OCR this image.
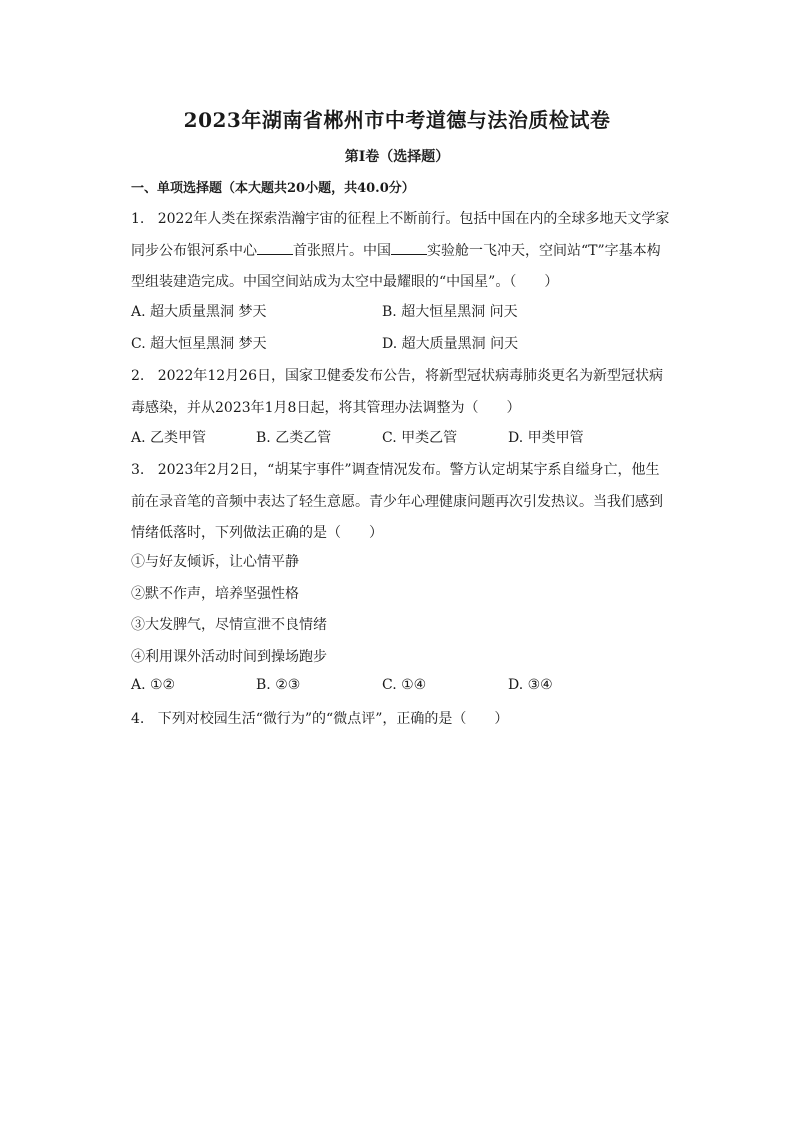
2023年湖南省郴州市中考道德与法治质检试卷
第I卷（选择题）
一、单项选择题（本大题共20小题，共40.0分）
1. 2022年人类在探索浩瀚宇宙的征程上不断前行。包括中国在内的全球多地天文学家同步公布银河系中心	首张照片。中国	实验舱一飞冲天，空间站“T”字基本构型组装建造完成。中国空间站成为太空中最耀眼的“中国星”。（　　）
A. 超大质量黑洞 梦天	B. 超大恒星黑洞 问天
C. 超大恒星黑洞 梦天	D. 超大质量黑洞 问天
2. 2022年12月26日，国家卫健委发布公告，将新型冠状病毒肺炎更名为新型冠状病毒感染，并从2023年1月8日起，将其管理办法调整为（　　）
A. 乙类甲管	B. 乙类乙管	C. 甲类乙管	D. 甲类甲管
3. 2023年2月2日，“胡某宇事件”调查情况发布。警方认定胡某宇系自缢身亡，他生前在录音笔的音频中表达了轻生意愿。青少年心理健康问题再次引发热议。当我们感到情绪低落时，下列做法正确的是（　　）
①与好友倾诉，让心情平静
②默不作声，培养坚强性格
③大发脾气，尽情宣泄不良情绪
④利用课外活动时间到操场跑步
A. ①②	B. ②③	C. ①④	D. ③④
4. 下列对校园生活“微行为”的“微点评”，正确的是（　　）
